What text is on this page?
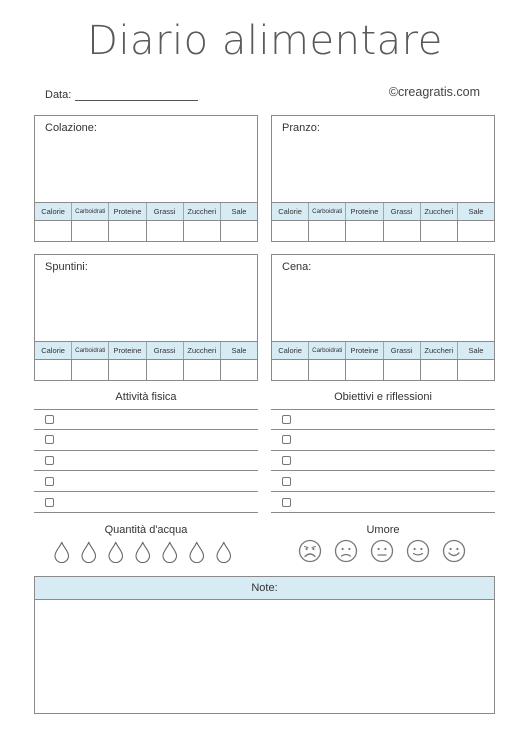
Diario alimentare
Data:	©creagratis.com
Colazione:
Calorie	Carboidrati	Proteine	Grassi	Zuccheri	Sale
Pranzo:
Calorie	Carboidrati	Proteine	Grassi	Zuccheri	Sale
Spuntini:
Calorie	Carboidrati	Proteine	Grassi	Zuccheri	Sale
Cena:
Calorie	Carboidrati	Proteine	Grassi	Zuccheri	Sale
Attività fisica	Obiettivi e riflessioni
Quantità d'acqua	Umore
Note:
